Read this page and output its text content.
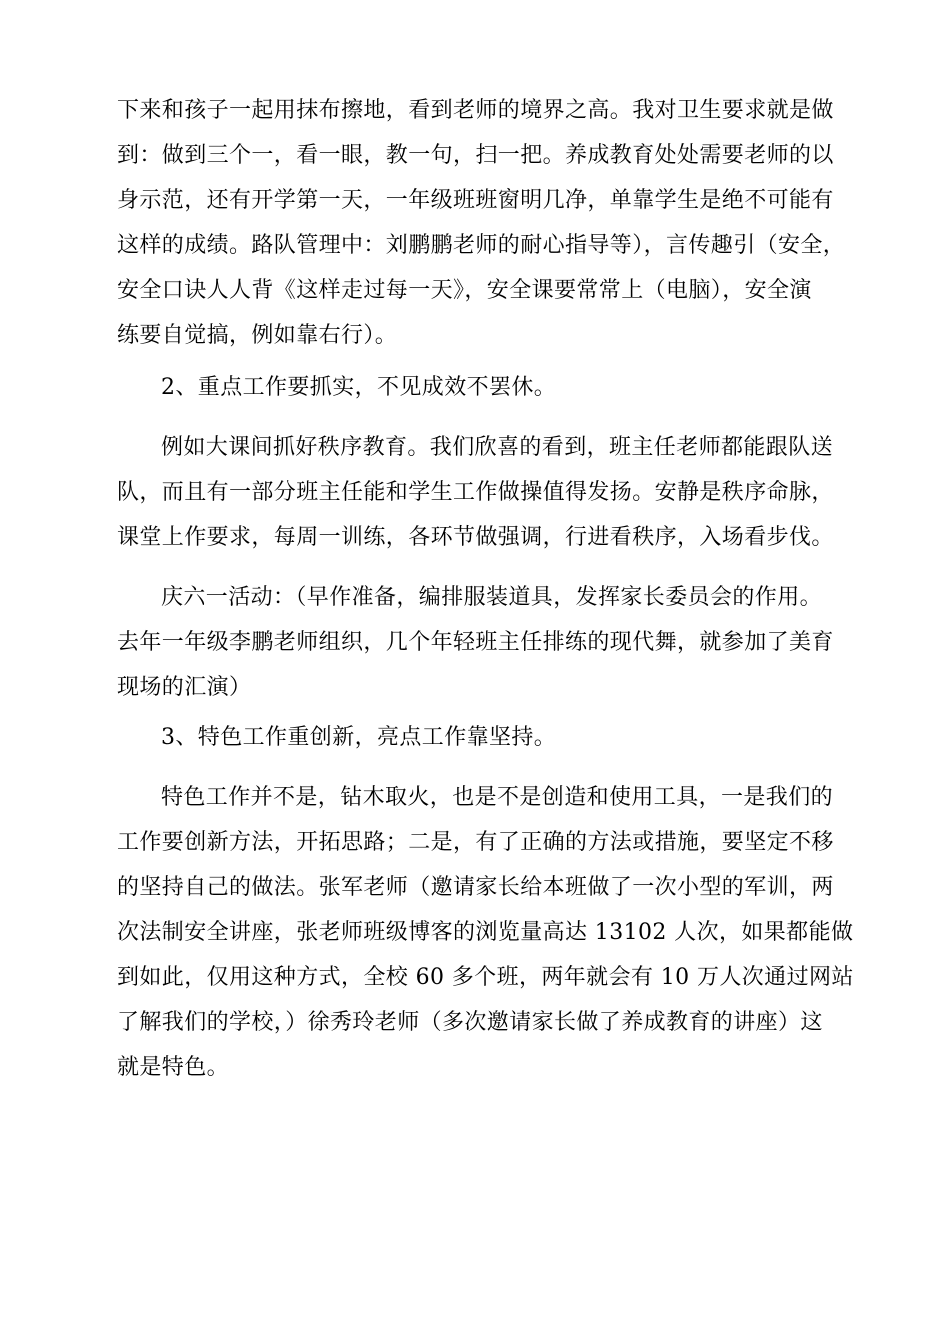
下来和孩子一起用抹布擦地，看到老师的境界之高。我对卫生要求就是做
到：做到三个一，看一眼，教一句，扫一把。养成教育处处需要老师的以
身示范，还有开学第一天，一年级班班窗明几净，单靠学生是绝不可能有
这样的成绩。路队管理中：刘鹏鹏老师的耐心指导等），言传趣引（安全，
安全口诀人人背《这样走过每一天》，安全课要常常上（电脑），安全演
练要自觉搞，例如靠右行）。
2、重点工作要抓实，不见成效不罢休。
例如大课间抓好秩序教育。我们欣喜的看到，班主任老师都能跟队送
队，而且有一部分班主任能和学生工作做操值得发扬。安静是秩序命脉，
课堂上作要求，每周一训练，各环节做强调，行进看秩序，入场看步伐。
庆六一活动：（早作准备，编排服装道具，发挥家长委员会的作用。
去年一年级李鹏老师组织，几个年轻班主任排练的现代舞，就参加了美育
现场的汇演）
3、特色工作重创新，亮点工作靠坚持。
特色工作并不是，钻木取火，也是不是创造和使用工具，一是我们的
工作要创新方法，开拓思路；二是，有了正确的方法或措施，要坚定不移
的坚持自己的做法。张军老师（邀请家长给本班做了一次小型的军训，两
次法制安全讲座，张老师班级博客的浏览量高达 13102 人次，如果都能做
到如此，仅用这种方式，全校 60 多个班，两年就会有 10 万人次通过网站
了解我们的学校，）徐秀玲老师（多次邀请家长做了养成教育的讲座）这
就是特色。
